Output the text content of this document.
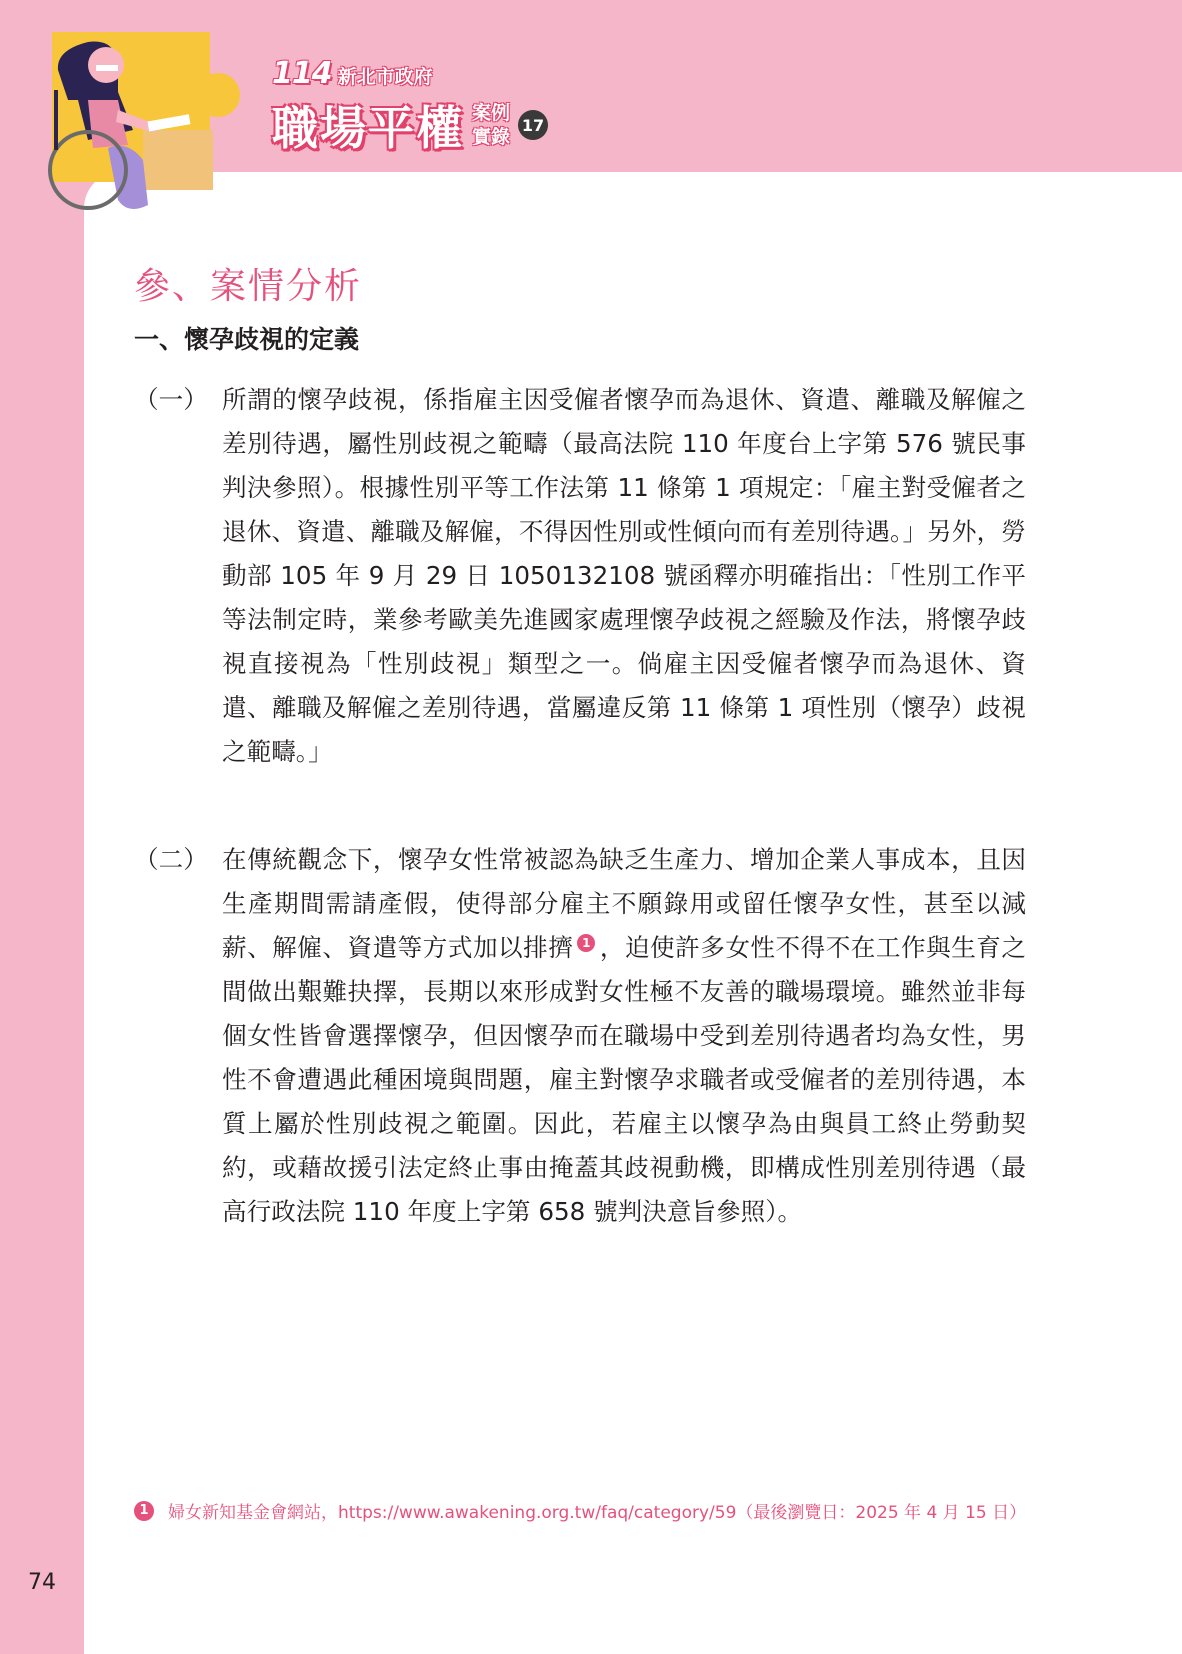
114 新北市政府
職場平權 案例
實錄
17
參、案情分析
一、懷孕歧視的定義
（一） 所謂的懷孕歧視，係指雇主因受僱者懷孕而為退休、資遣、離職及解僱之差別待遇，屬性別歧視之範疇（最高法院 110 年度台上字第 576 號民事判決參照）。根據性別平等工作法第 11 條第 1 項規定：「雇主對受僱者之退休、資遣、離職及解僱，不得因性別或性傾向而有差別待遇。」另外，勞動部 105 年 9 月 29 日 1050132108 號函釋亦明確指出：「性別工作平等法制定時，業參考歐美先進國家處理懷孕歧視之經驗及作法，將懷孕歧視直接視為「性別歧視」類型之一。倘雇主因受僱者懷孕而為退休、資遣、離職及解僱之差別待遇，當屬違反第 11 條第 1 項性別（懷孕）歧視之範疇。」
（二） 在傳統觀念下，懷孕女性常被認為缺乏生產力、增加企業人事成本，且因生產期間需請產假，使得部分雇主不願錄用或留任懷孕女性，甚至以減薪、解僱、資遣等方式加以排擠 1 ，迫使許多女性不得不在工作與生育之間做出艱難抉擇，長期以來形成對女性極不友善的職場環境。雖然並非每個女性皆會選擇懷孕，但因懷孕而在職場中受到差別待遇者均為女性，男性不會遭遇此種困境與問題，雇主對懷孕求職者或受僱者的差別待遇，本質上屬於性別歧視之範圍。因此，若雇主以懷孕為由與員工終止勞動契約，或藉故援引法定終止事由掩蓋其歧視動機，即構成性別差別待遇（最高行政法院 110 年度上字第 658 號判決意旨參照）。
1	婦女新知基金會網站，https://www.awakening.org.tw/faq/category/59（最後瀏覽日：2025 年 4 月 15 日）
74
